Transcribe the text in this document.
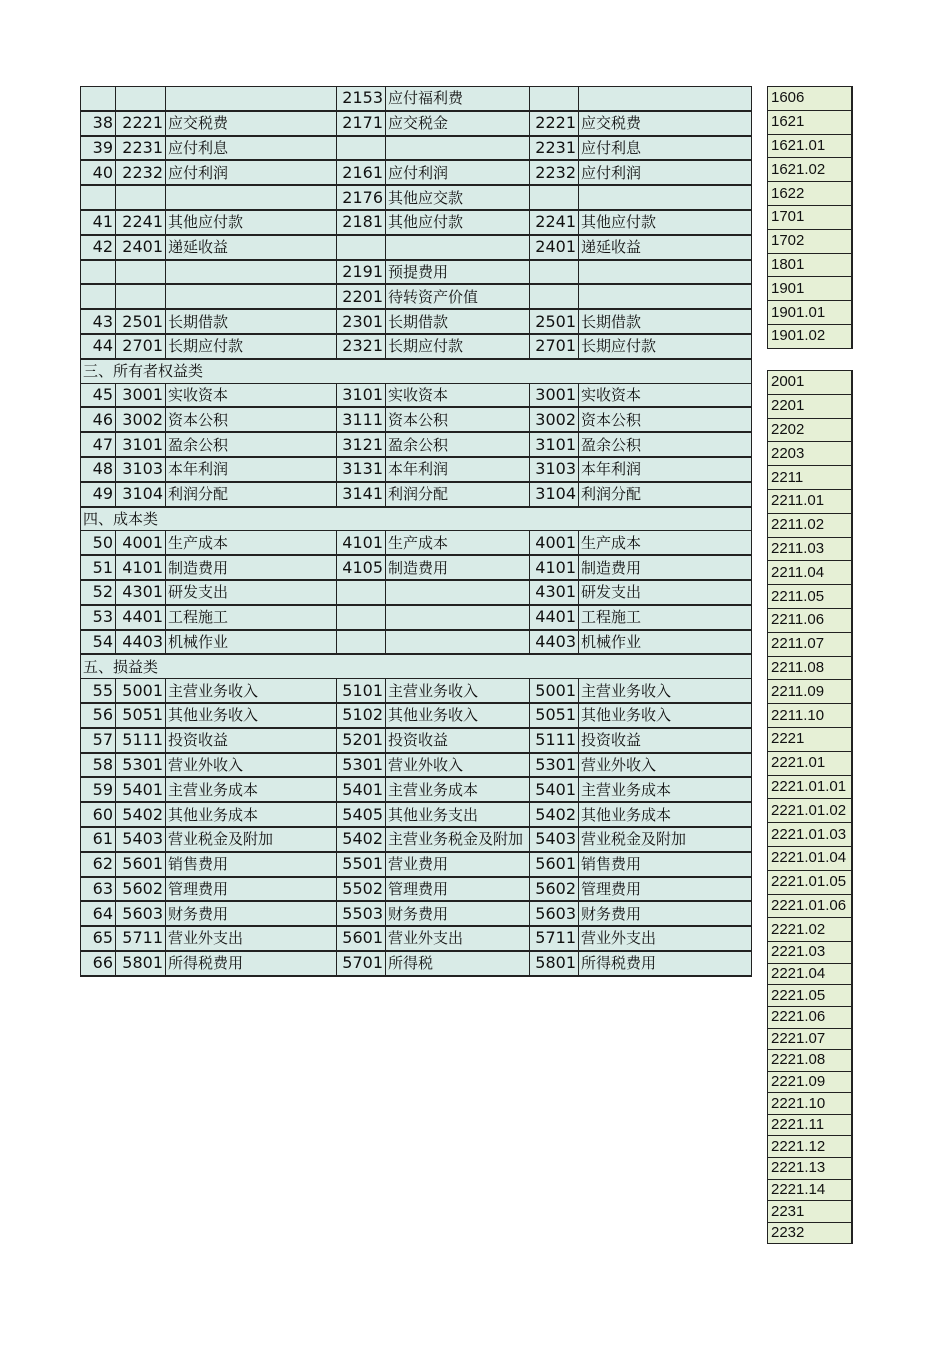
			2153	应付福利费		
38	2221	应交税费	2171	应交税金	2221	应交税费
39	2231	应付利息			2231	应付利息
40	2232	应付利润	2161	应付利润	2232	应付利润
			2176	其他应交款		
41	2241	其他应付款	2181	其他应付款	2241	其他应付款
42	2401	递延收益			2401	递延收益
			2191	预提费用		
			2201	待转资产价值		
43	2501	长期借款	2301	长期借款	2501	长期借款
44	2701	长期应付款	2321	长期应付款	2701	长期应付款
三、所有者权益类						
45	3001	实收资本	3101	实收资本	3001	实收资本
46	3002	资本公积	3111	资本公积	3002	资本公积
47	3101	盈余公积	3121	盈余公积	3101	盈余公积
48	3103	本年利润	3131	本年利润	3103	本年利润
49	3104	利润分配	3141	利润分配	3104	利润分配
四、成本类						
50	4001	生产成本	4101	生产成本	4001	生产成本
51	4101	制造费用	4105	制造费用	4101	制造费用
52	4301	研发支出			4301	研发支出
53	4401	工程施工			4401	工程施工
54	4403	机械作业			4403	机械作业
五、损益类						
55	5001	主营业务收入	5101	主营业务收入	5001	主营业务收入
56	5051	其他业务收入	5102	其他业务收入	5051	其他业务收入
57	5111	投资收益	5201	投资收益	5111	投资收益
58	5301	营业外收入	5301	营业外收入	5301	营业外收入
59	5401	主营业务成本	5401	主营业务成本	5401	主营业务成本
60	5402	其他业务成本	5405	其他业务支出	5402	其他业务成本
61	5403	营业税金及附加	5402	主营业务税金及附加	5403	营业税金及附加
62	5601	销售费用	5501	营业费用	5601	销售费用
63	5602	管理费用	5502	管理费用	5602	管理费用
64	5603	财务费用	5503	财务费用	5603	财务费用
65	5711	营业外支出	5601	营业外支出	5711	营业外支出
66	5801	所得税费用	5701	所得税	5801	所得税费用
1606
1621
1621.01
1621.02
1622
1701
1702
1801
1901
1901.01
1901.02
2001
2201
2202
2203
2211
2211.01
2211.02
2211.03
2211.04
2211.05
2211.06
2211.07
2211.08
2211.09
2211.10
2221
2221.01
2221.01.01
2221.01.02
2221.01.03
2221.01.04
2221.01.05
2221.01.06
2221.02
2221.03
2221.04
2221.05
2221.06
2221.07
2221.08
2221.09
2221.10
2221.11
2221.12
2221.13
2221.14
2231
2232
